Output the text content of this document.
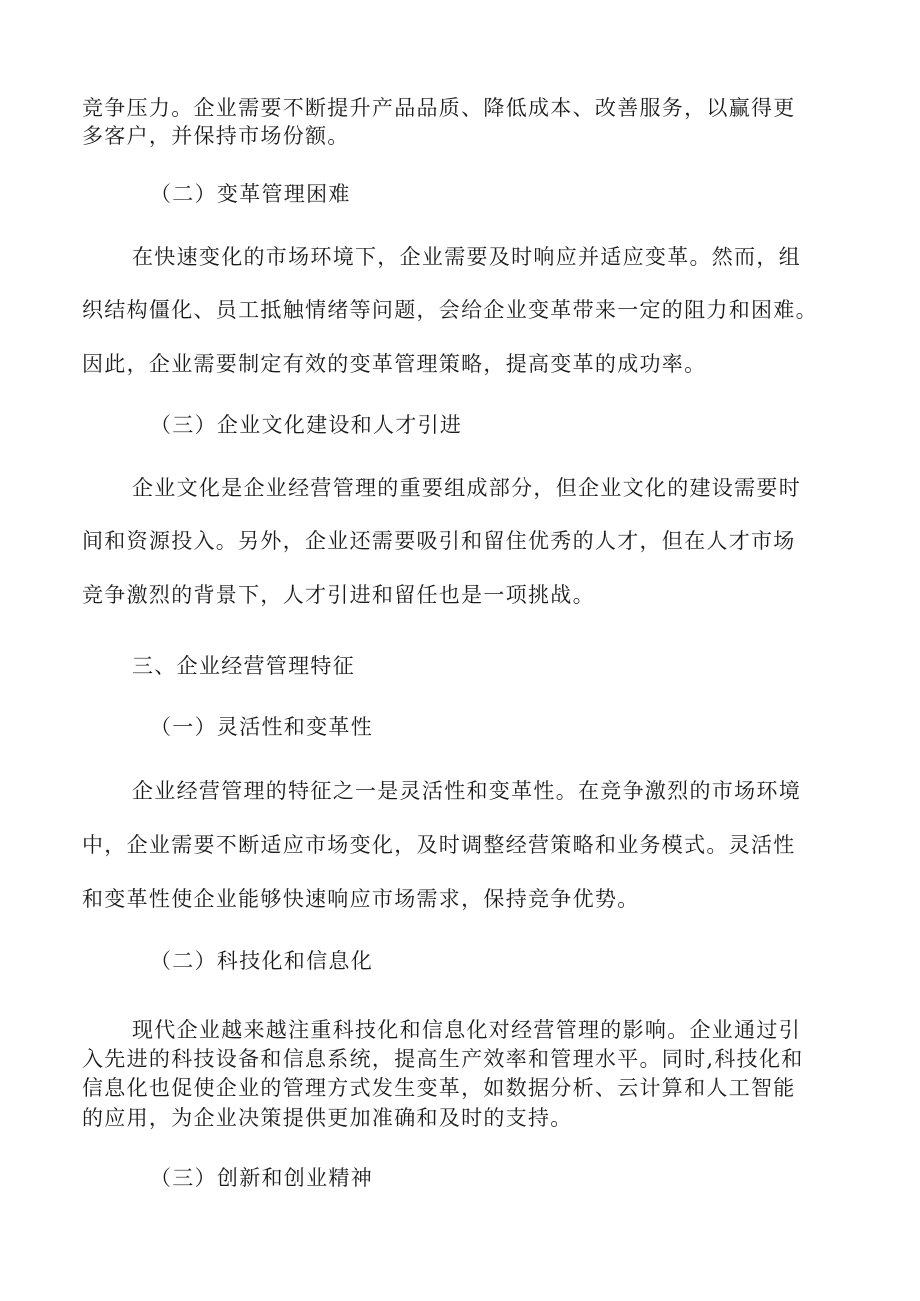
竞争压力。企业需要不断提升产品品质、降低成本、改善服务，以赢得更
多客户，并保持市场份额。
（二）变革管理困难
在快速变化的市场环境下，企业需要及时响应并适应变革。然而，组
织结构僵化、员工抵触情绪等问题，会给企业变革带来一定的阻力和困难。
因此，企业需要制定有效的变革管理策略，提高变革的成功率。
（三）企业文化建设和人才引进
企业文化是企业经营管理的重要组成部分，但企业文化的建设需要时
间和资源投入。另外，企业还需要吸引和留住优秀的人才，但在人才市场
竞争激烈的背景下，人才引进和留任也是一项挑战。
三、企业经营管理特征
（一）灵活性和变革性
企业经营管理的特征之一是灵活性和变革性。在竞争激烈的市场环境
中，企业需要不断适应市场变化，及时调整经营策略和业务模式。灵活性
和变革性使企业能够快速响应市场需求，保持竞争优势。
（二）科技化和信息化
现代企业越来越注重科技化和信息化对经营管理的影响。企业通过引
入先进的科技设备和信息系统，提高生产效率和管理水平。同时,科技化和
信息化也促使企业的管理方式发生变革，如数据分析、云计算和人工智能
的应用，为企业决策提供更加准确和及时的支持。
（三）创新和创业精神
